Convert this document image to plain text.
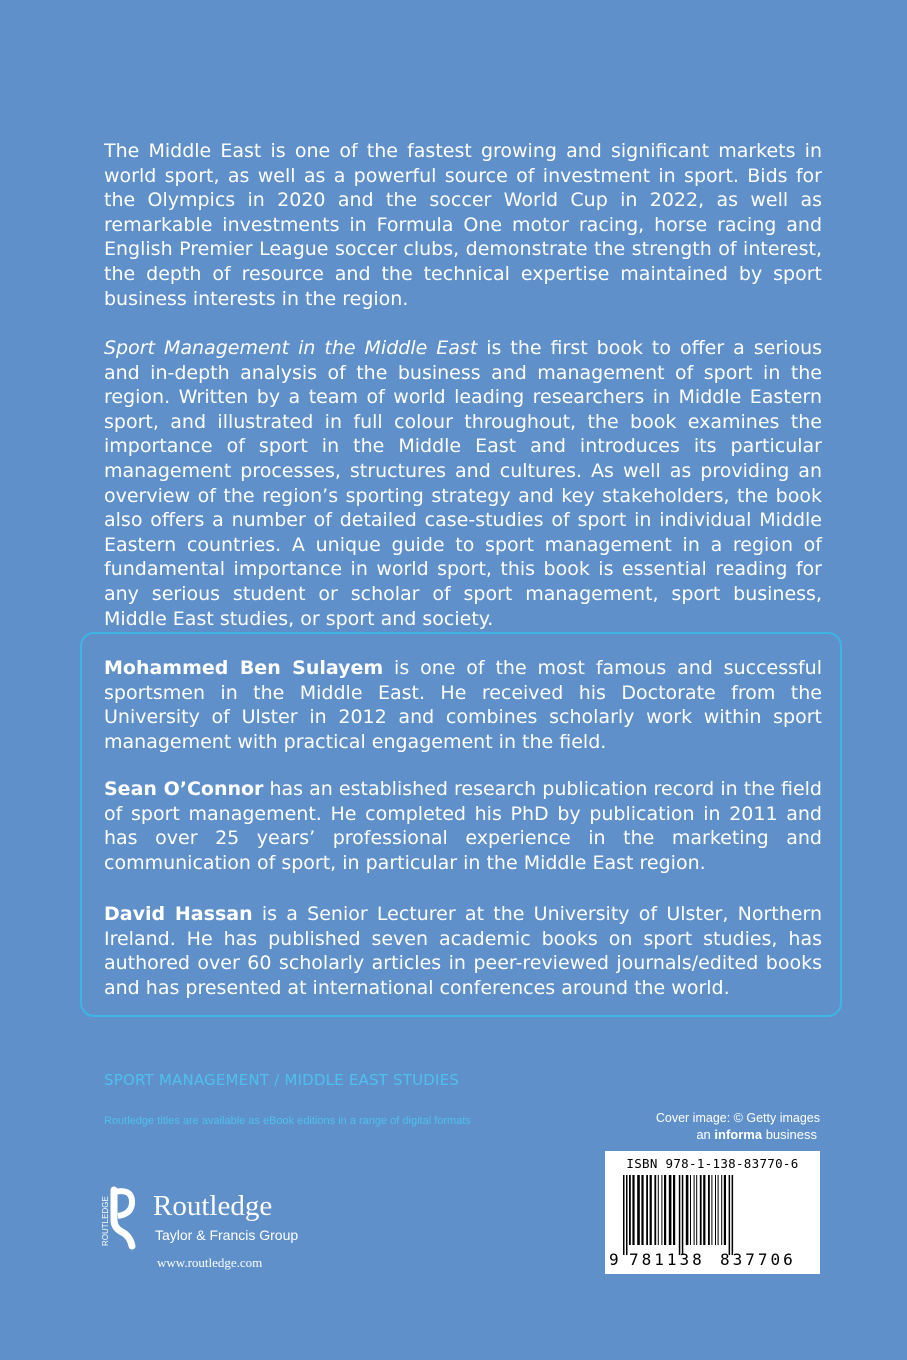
The Middle East is one of the fastest growing and significant markets in world sport, as well as a powerful source of investment in sport. Bids for the Olympics in 2020 and the soccer World Cup in 2022, as well as remarkable investments in Formula One motor racing, horse racing and English Premier League soccer clubs, demonstrate the strength of interest, the depth of resource and the technical expertise maintained by sport business interests in the region.

Sport Management in the Middle East is the first book to offer a serious and in-depth analysis of the business and management of sport in the region. Written by a team of world leading researchers in Middle Eastern sport, and illustrated in full colour throughout, the book examines the importance of sport in the Middle East and introduces its particular management processes, structures and cultures. As well as providing an overview of the region’s sporting strategy and key stakeholders, the book also offers a number of detailed case-studies of sport in individual Middle Eastern countries. A unique guide to sport management in a region of fundamental importance in world sport, this book is essential reading for any serious student or scholar of sport management, sport business, Middle East studies, or sport and society.

Mohammed Ben Sulayem is one of the most famous and successful sportsmen in the Middle East. He received his Doctorate from the University of Ulster in 2012 and combines scholarly work within sport management with practical engagement in the field.

Sean O’Connor has an established research publication record in the field of sport management. He completed his PhD by publication in 2011 and has over 25 years’ professional experience in the marketing and communication of sport, in particular in the Middle East region.

David Hassan is a Senior Lecturer at the University of Ulster, Northern Ireland. He has published seven academic books on sport studies, has authored over 60 scholarly articles in peer-reviewed journals/edited books and has presented at international conferences around the world.

SPORT MANAGEMENT / MIDDLE EAST STUDIES
Routledge titles are available as eBook editions in a range of digital formats	Cover image: © Getty images
an informa business
ISBN 978-1-138-83770-6
9 781138 837706
ROUTLEDGE Routledge
Taylor & Francis Group
www.routledge.com
